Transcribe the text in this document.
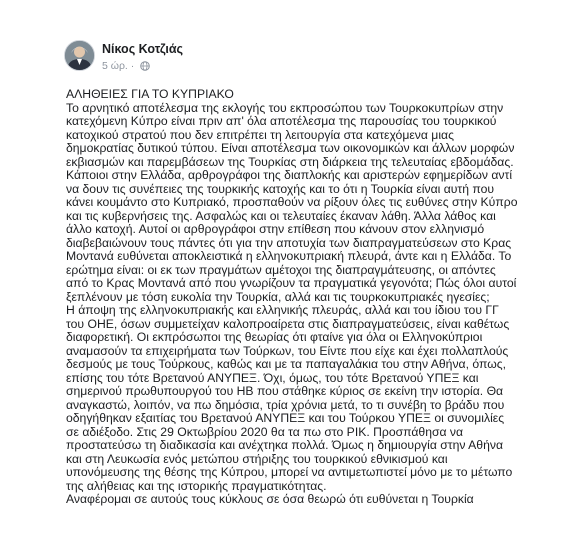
Νίκος Κοτζιάς
5 ώρ. ·

ΑΛΗΘΕΙΕΣ ΓΙΑ ΤΟ ΚΥΠΡΙΑΚΟ

Το αρνητικό αποτέλεσμα της εκλογής του εκπροσώπου των Τουρκοκυπρίων στην κατεχόμενη Κύπρο είναι πριν απ' όλα αποτέλεσμα της παρουσίας του τουρκικού κατοχικού στρατού που δεν επιτρέπει τη λειτουργία στα κατεχόμενα μιας δημοκρατίας δυτικού τύπου. Είναι αποτέλεσμα των οικονομικών και άλλων μορφών εκβιασμών και παρεμβάσεων της Τουρκίας στη διάρκεια της τελευταίας εβδομάδας. Κάποιοι στην Ελλάδα, αρθρογράφοι της διαπλοκής και αριστερών εφημερίδων αντί να δουν τις συνέπειες της τουρκικής κατοχής και το ότι η Τουρκία είναι αυτή που κάνει κουμάντο στο Κυπριακό, προσπαθούν να ρίξουν όλες τις ευθύνες στην Κύπρο και τις κυβερνήσεις της. Ασφαλώς και οι τελευταίες έκαναν λάθη. Άλλα λάθος και άλλο κατοχή. Αυτοί οι αρθρογράφοι στην επίθεση που κάνουν στον ελληνισμό διαβεβαιώνουν τους πάντες ότι για την αποτυχία των διαπραγματεύσεων στο Κρας Μοντανά ευθύνεται αποκλειστικά η ελληνοκυπριακή πλευρά, άντε και η Ελλάδα. Το ερώτημα είναι: οι εκ των πραγμάτων αμέτοχοι της διαπραγμάτευσης, οι απόντες από το Κρας Μοντανά από που γνωρίζουν τα πραγματικά γεγονότα; Πώς όλοι αυτοί ξεπλένουν με τόση ευκολία την Τουρκία, αλλά και τις τουρκοκυπριακές ηγεσίες;

Η άποψη της ελληνοκυπριακής και ελληνικής πλευράς, αλλά και του ίδιου του ΓΓ του ΟΗΕ, όσων συμμετείχαν καλοπροαίρετα στις διαπραγματεύσεις, είναι καθέτως διαφορετική. Οι εκπρόσωποι της θεωρίας ότι φταίνε για όλα οι Ελληνοκύπριοι αναμασούν τα επιχειρήματα των Τούρκων, του Είντε που είχε και έχει πολλαπλούς δεσμούς με τους Τούρκους, καθώς και με τα παπαγαλάκια του στην Αθήνα, όπως, επίσης του τότε Βρετανού ΑΝΥΠΕΞ. Όχι, όμως, του τότε Βρετανού ΥΠΕΞ και σημερινού πρωθυπουργού του ΗΒ που στάθηκε κύριος σε εκείνη την ιστορία. Θα αναγκαστώ, λοιπόν, να πω δημόσια, τρία χρόνια μετά, το τι συνέβη το βράδυ που οδηγήθηκαν εξαιτίας του Βρετανού ΑΝΥΠΕΞ και του Τούρκου ΥΠΕΞ οι συνομιλίες σε αδιέξοδο. Στις 29 Οκτωβρίου 2020 θα τα πω στο ΡΙΚ. Προσπάθησα να προστατεύσω τη διαδικασία και ανέχτηκα πολλά. Όμως η δημιουργία στην Αθήνα και στη Λευκωσία ενός μετώπου στήριξης του τουρκικού εθνικισμού και υπονόμευσης της θέσης της Κύπρου, μπορεί να αντιμετωπιστεί μόνο με το μέτωπο της αλήθειας και της ιστορικής πραγματικότητας.

Αναφέρομαι σε αυτούς τους κύκλους σε όσα θεωρώ ότι ευθύνεται η Τουρκία
